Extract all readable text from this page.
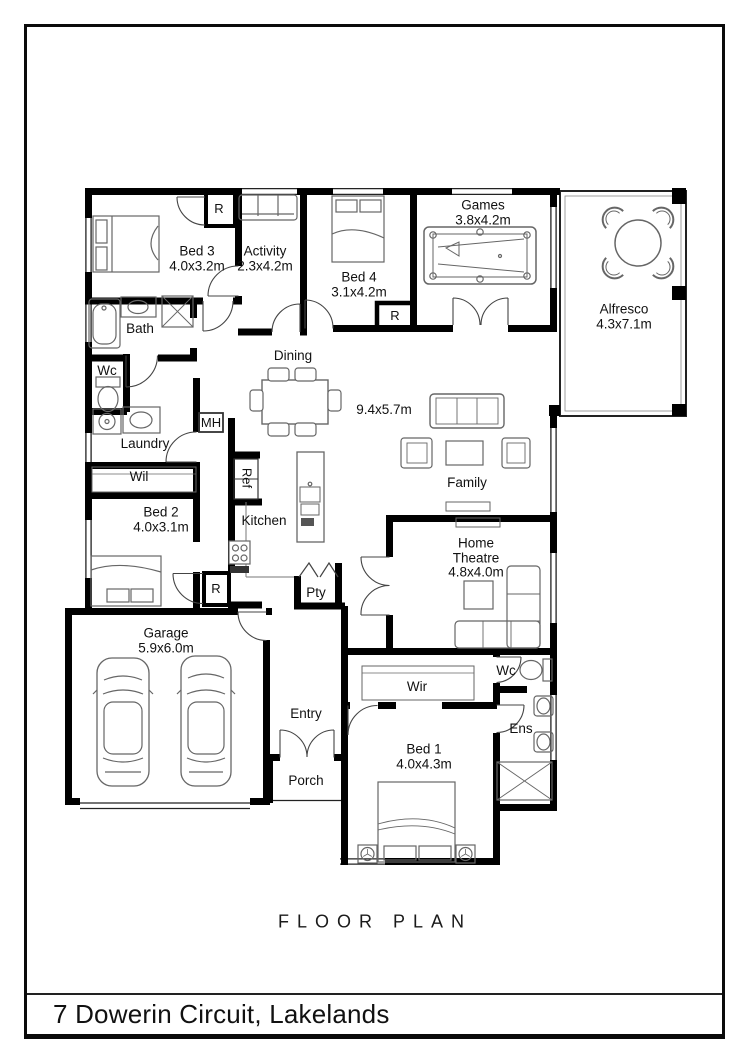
7 Dowerin Circuit, Lakelands
Bed 3
4.0x3.2m
Activity
2.3x4.2m
Bed 4
3.1x4.2m
Games
3.8x4.2m
Alfresco
4.3x7.1m
Bed 2
4.0x3.1m
Home Theatre
4.8x4.0m
Garage
5.9x6.0m
Bed 1
4.0x4.3m
Bath
Wc
Laundry
Wil
MH
Ref
Dining
Family
Kitchen
Pty
Entry
Porch
Wir
Wc
Ens
9.4x5.7m
R
R
R
FLOOR PLAN
